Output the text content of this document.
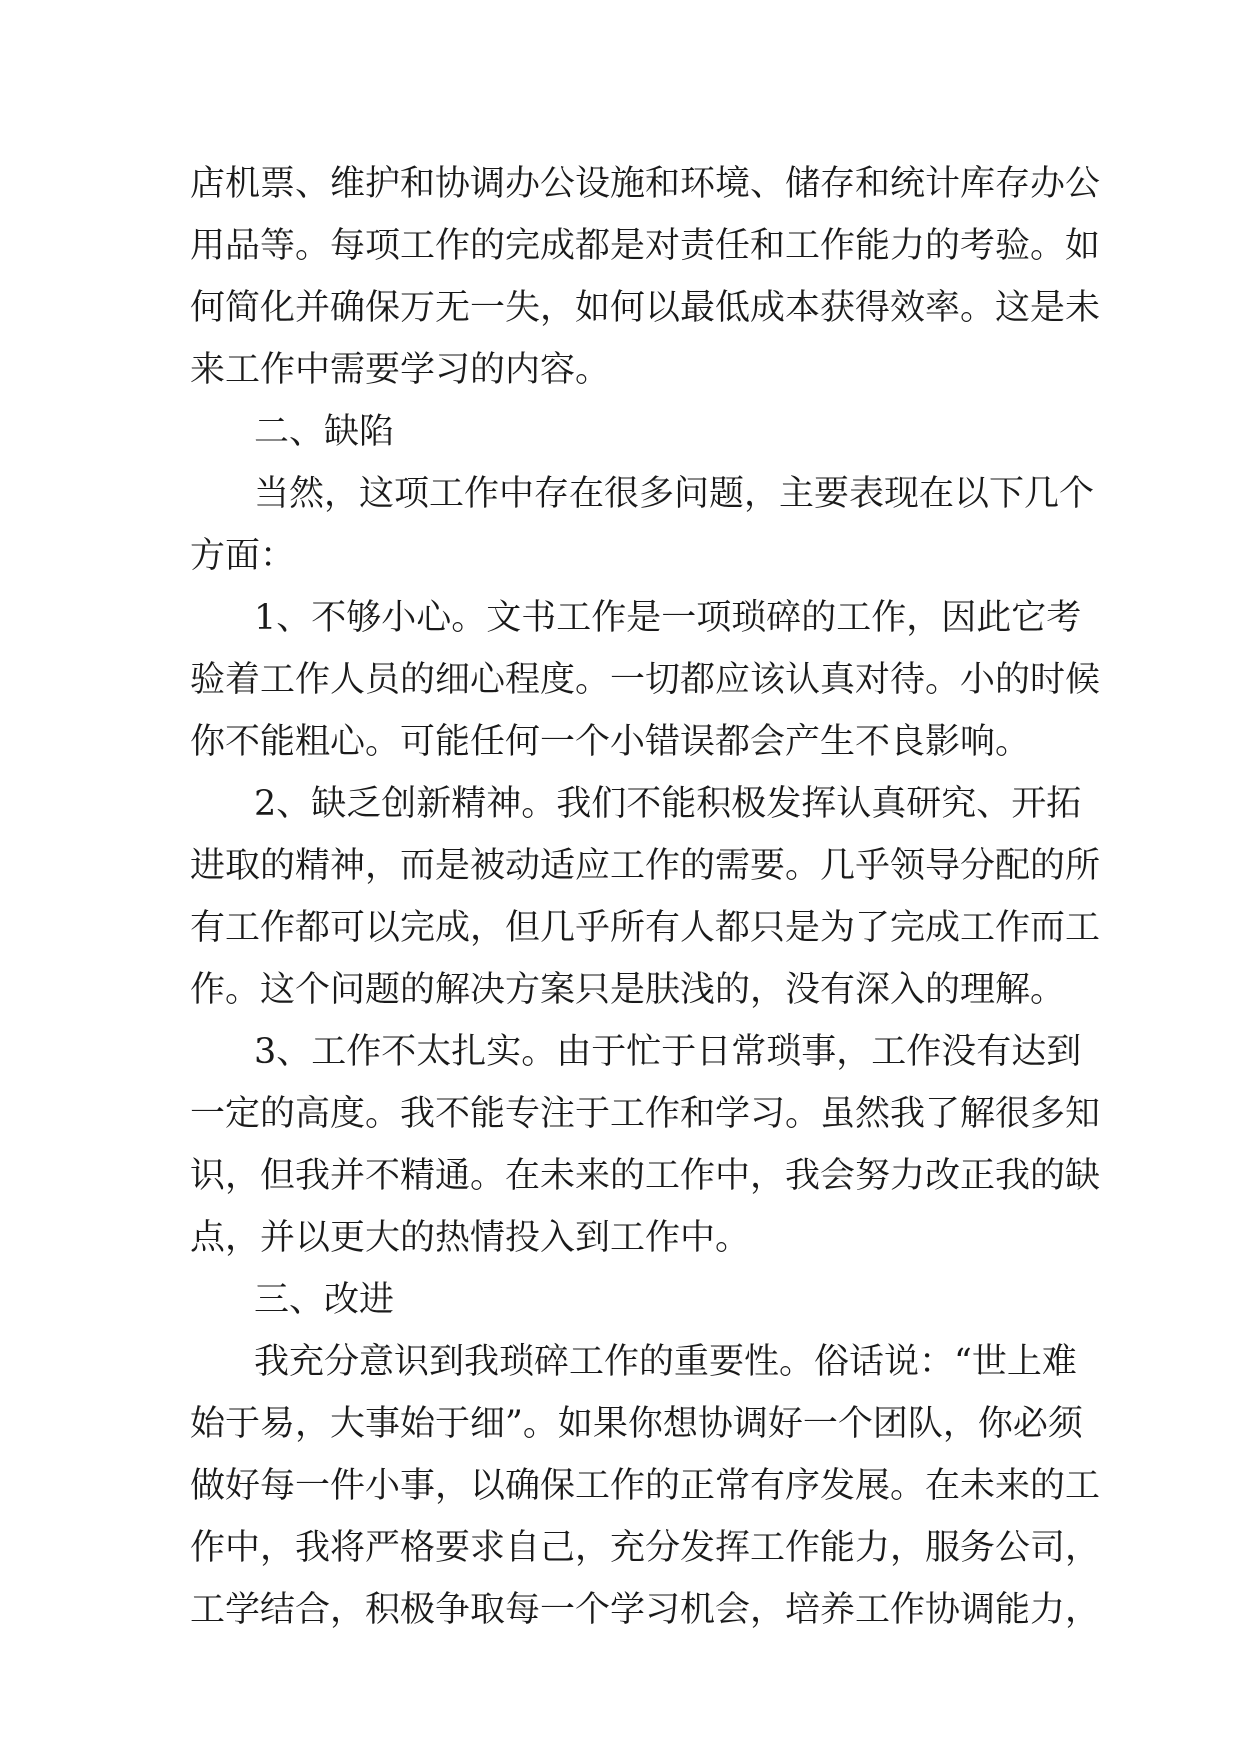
店机票、维护和协调办公设施和环境、储存和统计库存办公
用品等。每项工作的完成都是对责任和工作能力的考验。如
何简化并确保万无一失，如何以最低成本获得效率。这是未
来工作中需要学习的内容。
二、缺陷
当然，这项工作中存在很多问题，主要表现在以下几个
方面：
1、不够小心。文书工作是一项琐碎的工作，因此它考
验着工作人员的细心程度。一切都应该认真对待。小的时候
你不能粗心。可能任何一个小错误都会产生不良影响。
2、缺乏创新精神。我们不能积极发挥认真研究、开拓
进取的精神，而是被动适应工作的需要。几乎领导分配的所
有工作都可以完成，但几乎所有人都只是为了完成工作而工
作。这个问题的解决方案只是肤浅的，没有深入的理解。
3、工作不太扎实。由于忙于日常琐事，工作没有达到
一定的高度。我不能专注于工作和学习。虽然我了解很多知
识，但我并不精通。在未来的工作中，我会努力改正我的缺
点，并以更大的热情投入到工作中。
三、改进
我充分意识到我琐碎工作的重要性。俗话说：“世上难
始于易，大事始于细”。如果你想协调好一个团队，你必须
做好每一件小事，以确保工作的正常有序发展。在未来的工
作中，我将严格要求自己，充分发挥工作能力，服务公司，
工学结合，积极争取每一个学习机会，培养工作协调能力，
